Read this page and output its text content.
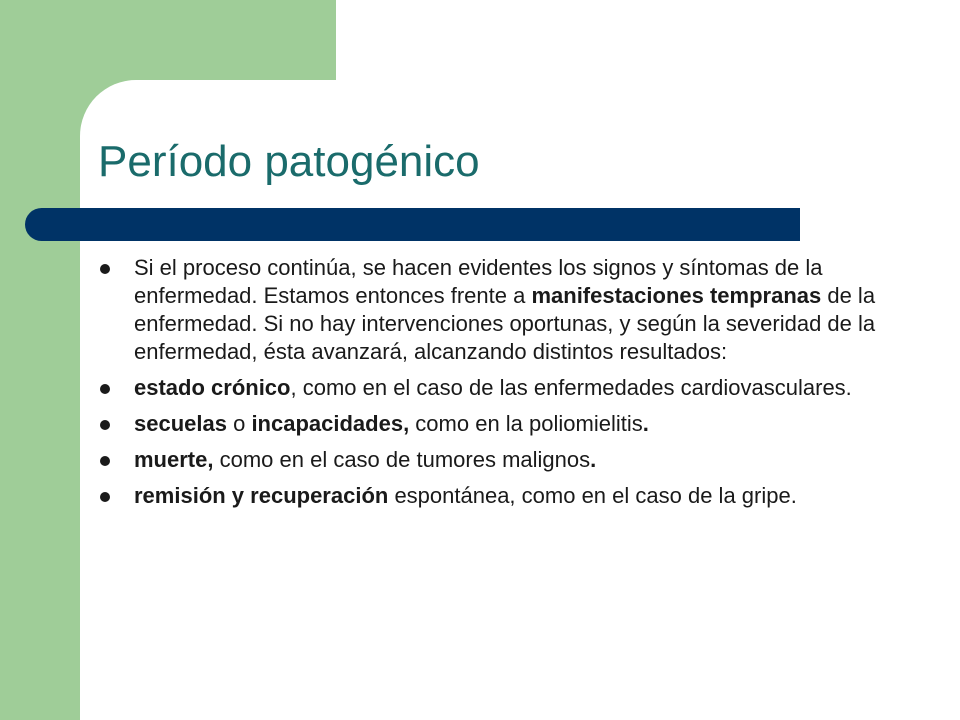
Período patogénico
Si el proceso continúa, se hacen evidentes los signos y síntomas de la enfermedad. Estamos entonces frente a manifestaciones tempranas de la enfermedad. Si no hay intervenciones oportunas, y según la severidad de la enfermedad, ésta avanzará, alcanzando distintos resultados:
estado crónico, como en el caso de las enfermedades cardiovasculares.
secuelas o incapacidades, como en la poliomielitis.
muerte, como en el caso de tumores malignos.
remisión y recuperación espontánea, como en el caso de la gripe.
